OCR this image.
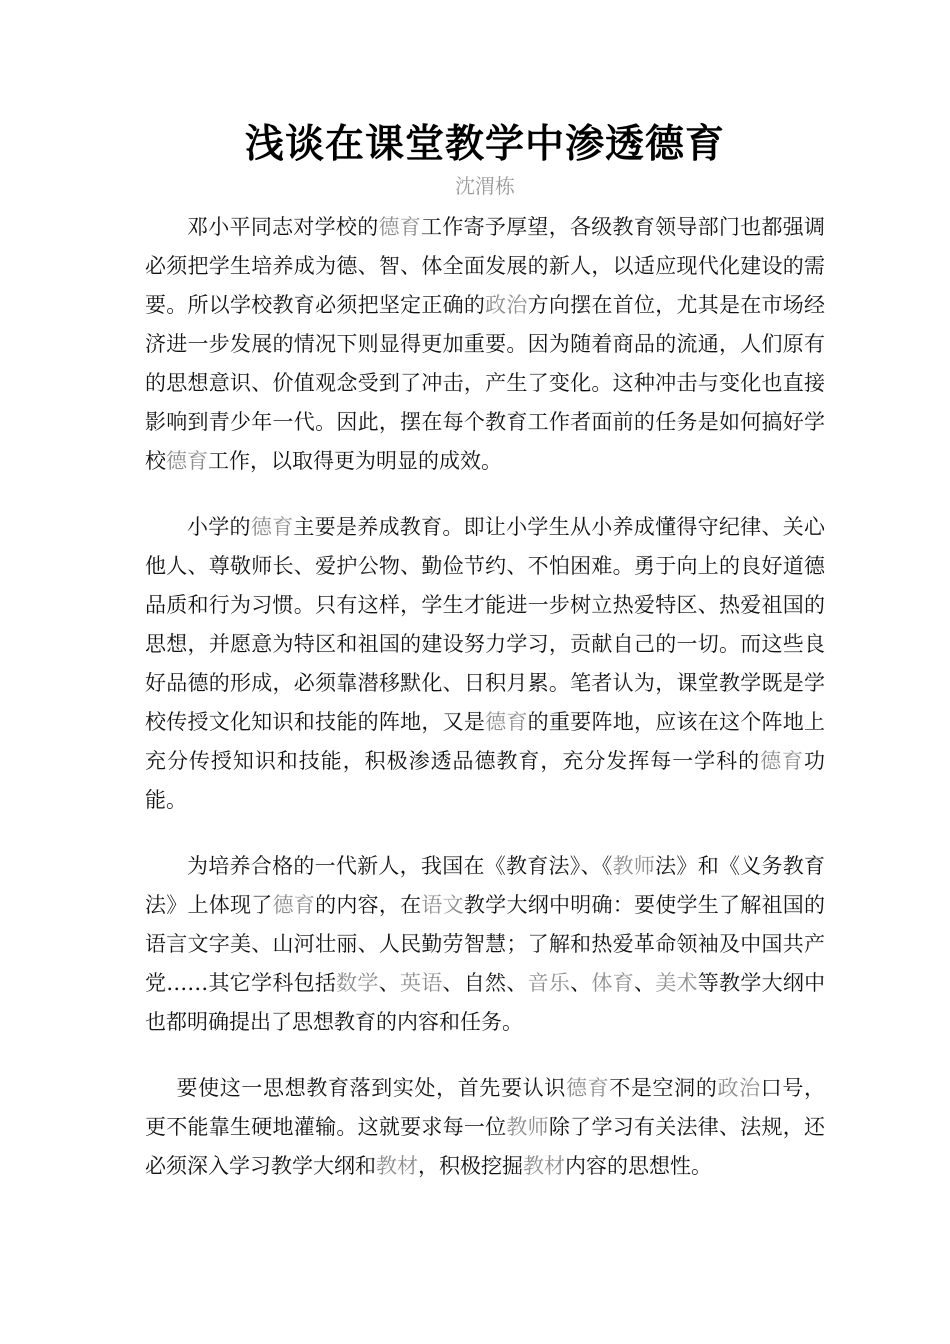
浅谈在课堂教学中渗透德育

沈渭栋

邓小平同志对学校的德育工作寄予厚望，各级教育领导部门也都强调必须把学生培养成为德、智、体全面发展的新人，以适应现代化建设的需要。所以学校教育必须把坚定正确的政治方向摆在首位，尤其是在市场经济进一步发展的情况下则显得更加重要。因为随着商品的流通，人们原有的思想意识、价值观念受到了冲击，产生了变化。这种冲击与变化也直接影响到青少年一代。因此，摆在每个教育工作者面前的任务是如何搞好学校德育工作，以取得更为明显的成效。

小学的德育主要是养成教育。即让小学生从小养成懂得守纪律、关心他人、尊敬师长、爱护公物、勤俭节约、不怕困难。勇于向上的良好道德品质和行为习惯。只有这样，学生才能进一步树立热爱特区、热爱祖国的思想，并愿意为特区和祖国的建设努力学习，贡献自己的一切。而这些良好品德的形成，必须靠潜移默化、日积月累。笔者认为，课堂教学既是学校传授文化知识和技能的阵地，又是德育的重要阵地，应该在这个阵地上充分传授知识和技能，积极渗透品德教育，充分发挥每一学科的德育功能。

为培养合格的一代新人，我国在《教育法》、《教师法》和《义务教育法》上体现了德育的内容，在语文教学大纲中明确：要使学生了解祖国的语言文字美、山河壮丽、人民勤劳智慧；了解和热爱革命领袖及中国共产党……其它学科包括数学、英语、自然、音乐、体育、美术等教学大纲中也都明确提出了思想教育的内容和任务。

要使这一思想教育落到实处，首先要认识德育不是空洞的政治口号，更不能靠生硬地灌输。这就要求每一位教师除了学习有关法律、法规，还必须深入学习教学大纲和教材，积极挖掘教材内容的思想性。
